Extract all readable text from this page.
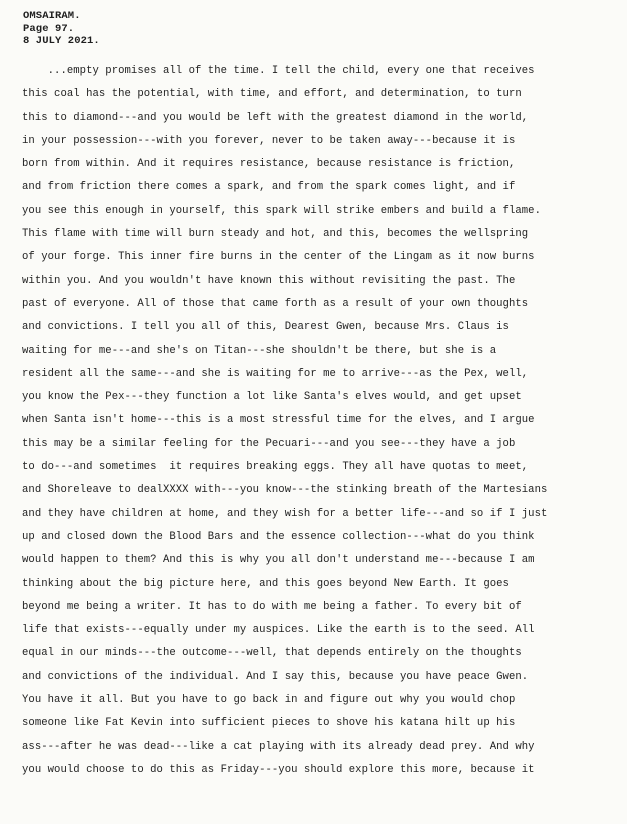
OMSAIRAM.
Page 97.
8 JULY 2021.
...empty promises all of the time. I tell the child, every one that receives
this coal has the potential, with time, and effort, and determination, to turn
this to diamond---and you would be left with the greatest diamond in the world,
in your possession---with you forever, never to be taken away---because it is
born from within. And it requires resistance, because resistance is friction,
and from friction there comes a spark, and from the spark comes light, and if
you see this enough in yourself, this spark will strike embers and build a flame.
This flame with time will burn steady and hot, and this, becomes the wellspring
of your forge. This inner fire burns in the center of the Lingam as it now burns
within you. And you wouldn't have known this without revisiting the past. The
past of everyone. All of those that came forth as a result of your own thoughts
and convictions. I tell you all of this, Dearest Gwen, because Mrs. Claus is
waiting for me---and she's on Titan---she shouldn't be there, but she is a
resident all the same---and she is waiting for me to arrive---as the Pex, well,
you know the Pex---they function a lot like Santa's elves would, and get upset
when Santa isn't home---this is a most stressful time for the elves, and I argue
this may be a similar feeling for the Pecuari---and you see---they have a job
to do---and sometimes  it requires breaking eggs. They all have quotas to meet,
and Shoreleave to dealXXXX with---you know---the stinking breath of the Martesians
and they have children at home, and they wish for a better life---and so if I just
up and closed down the Blood Bars and the essence collection---what do you think
would happen to them? And this is why you all don't understand me---because I am
thinking about the big picture here, and this goes beyond New Earth. It goes
beyond me being a writer. It has to do with me being a father. To every bit of
life that exists---equally under my auspices. Like the earth is to the seed. All
equal in our minds---the outcome---well, that depends entirely on the thoughts
and convictions of the individual. And I say this, because you have peace Gwen.
You have it all. But you have to go back in and figure out why you would chop
someone like Fat Kevin into sufficient pieces to shove his katana hilt up his
ass---after he was dead---like a cat playing with its already dead prey. And why
you would choose to do this as Friday---you should explore this more, because it
